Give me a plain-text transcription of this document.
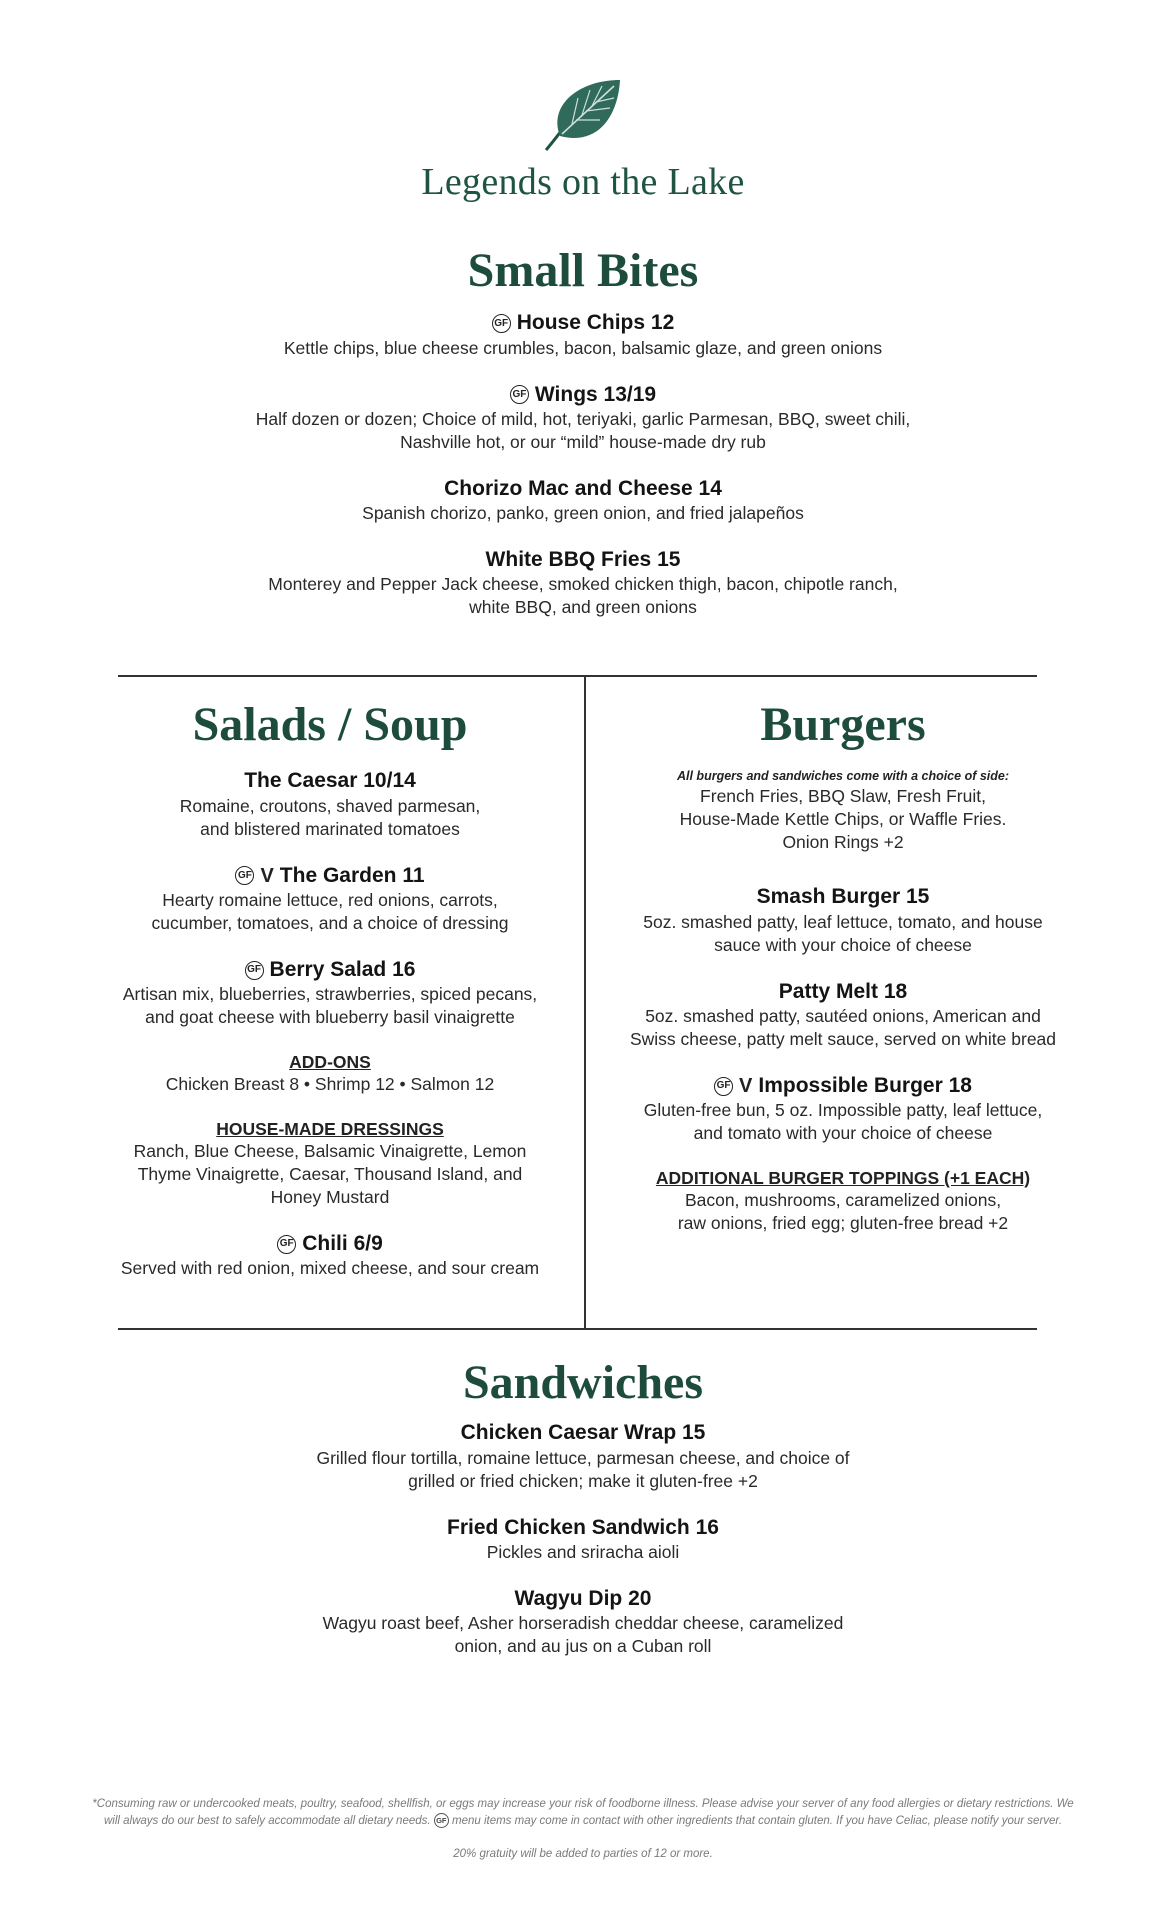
Legends on the Lake
Small Bites
GF House Chips 12
Kettle chips, blue cheese crumbles, bacon, balsamic glaze, and green onions
GF Wings 13/19
Half dozen or dozen; Choice of mild, hot, teriyaki, garlic Parmesan, BBQ, sweet chili,
Nashville hot, or our “mild” house-made dry rub
Chorizo Mac and Cheese 14
Spanish chorizo, panko, green onion, and fried jalapeños
White BBQ Fries 15
Monterey and Pepper Jack cheese, smoked chicken thigh, bacon, chipotle ranch,
white BBQ, and green onions
Salads / Soup
The Caesar 10/14
Romaine, croutons, shaved parmesan,
and blistered marinated tomatoes
GF V The Garden 11
Hearty romaine lettuce, red onions, carrots,
cucumber, tomatoes, and a choice of dressing
GF Berry Salad 16
Artisan mix, blueberries, strawberries, spiced pecans,
and goat cheese with blueberry basil vinaigrette
ADD-ONS
Chicken Breast 8 • Shrimp 12 • Salmon 12
HOUSE-MADE DRESSINGS
Ranch, Blue Cheese, Balsamic Vinaigrette, Lemon
Thyme Vinaigrette, Caesar, Thousand Island, and
Honey Mustard
GF Chili 6/9
Served with red onion, mixed cheese, and sour cream
Burgers
All burgers and sandwiches come with a choice of side:
French Fries, BBQ Slaw, Fresh Fruit,
House-Made Kettle Chips, or Waffle Fries.
Onion Rings +2
Smash Burger 15
5oz. smashed patty, leaf lettuce, tomato, and house
sauce with your choice of cheese
Patty Melt 18
5oz. smashed patty, sautéed onions, American and
Swiss cheese, patty melt sauce, served on white bread
GF V Impossible Burger 18
Gluten-free bun, 5 oz. Impossible patty, leaf lettuce,
and tomato with your choice of cheese
ADDITIONAL BURGER TOPPINGS (+1 EACH)
Bacon, mushrooms, caramelized onions,
raw onions, fried egg; gluten-free bread +2
Sandwiches
Chicken Caesar Wrap 15
Grilled flour tortilla, romaine lettuce, parmesan cheese, and choice of
grilled or fried chicken; make it gluten-free +2
Fried Chicken Sandwich 16
Pickles and sriracha aioli
Wagyu Dip 20
Wagyu roast beef, Asher horseradish cheddar cheese, caramelized
onion, and au jus on a Cuban roll
*Consuming raw or undercooked meats, poultry, seafood, shellfish, or eggs may increase your risk of foodborne illness. Please advise your server of any food allergies or dietary restrictions. We
will always do our best to safely accommodate all dietary needs. GF menu items may come in contact with other ingredients that contain gluten. If you have Celiac, please notify your server.
20% gratuity will be added to parties of 12 or more.
